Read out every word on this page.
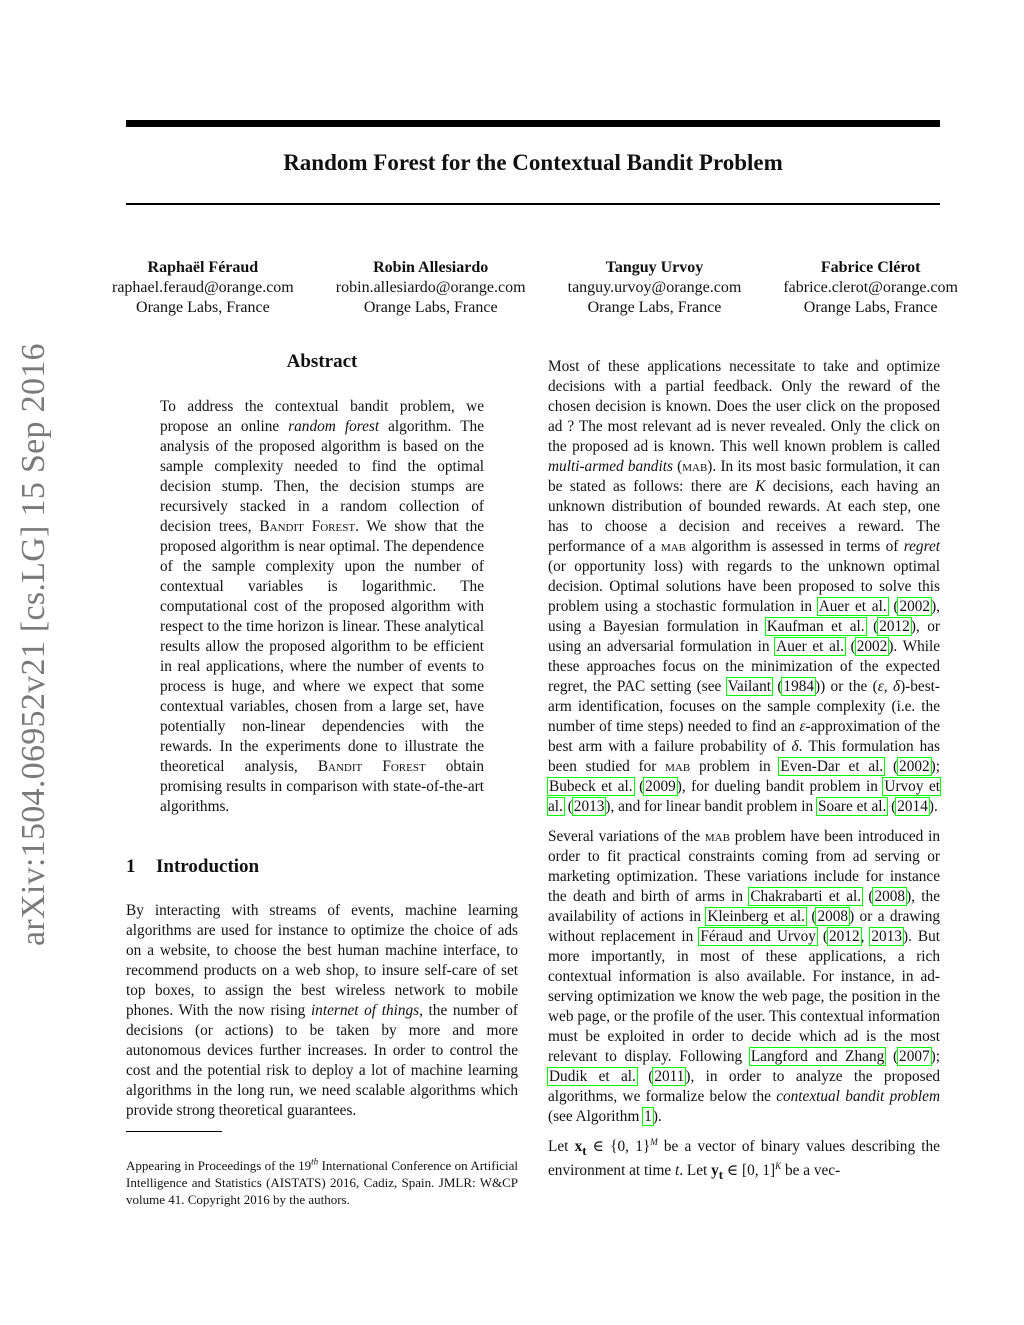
arXiv:1504.06952v21 [cs.LG] 15 Sep 2016
Random Forest for the Contextual Bandit Problem
Raphaël Féraud
raphael.feraud@orange.com
Orange Labs, France
Robin Allesiardo
robin.allesiardo@orange.com
Orange Labs, France
Tanguy Urvoy
tanguy.urvoy@orange.com
Orange Labs, France
Fabrice Clérot
fabrice.clerot@orange.com
Orange Labs, France
Abstract

To address the contextual bandit problem, we propose an online random forest algorithm. The analysis of the proposed algorithm is based on the sample complexity needed to find the optimal decision stump. Then, the decision stumps are recursively stacked in a random collection of decision trees, Bandit Forest. We show that the proposed algorithm is near optimal. The dependence of the sample complexity upon the number of contextual variables is logarithmic. The computational cost of the proposed algorithm with respect to the time horizon is linear. These analytical results allow the proposed algorithm to be efficient in real applications, where the number of events to process is huge, and where we expect that some contextual variables, chosen from a large set, have potentially non-linear dependencies with the rewards. In the experiments done to illustrate the theoretical analysis, Bandit Forest obtain promising results in comparison with state-of-the-art algorithms.

1 Introduction

By interacting with streams of events, machine learning algorithms are used for instance to optimize the choice of ads on a website, to choose the best human machine interface, to recommend products on a web shop, to insure self-care of set top boxes, to assign the best wireless network to mobile phones. With the now rising internet of things, the number of decisions (or actions) to be taken by more and more autonomous devices further increases. In order to control the cost and the potential risk to deploy a lot of machine learning algorithms in the long run, we need scalable algorithms which provide strong theoretical guarantees.

Appearing in Proceedings of the 19th International Conference on Artificial Intelligence and Statistics (AISTATS) 2016, Cadiz, Spain. JMLR: W&CP volume 41. Copyright 2016 by the authors.

Most of these applications necessitate to take and optimize decisions with a partial feedback. Only the reward of the chosen decision is known. Does the user click on the proposed ad ? The most relevant ad is never revealed. Only the click on the proposed ad is known. This well known problem is called multi-armed bandits (mab). In its most basic formulation, it can be stated as follows: there are K decisions, each having an unknown distribution of bounded rewards. At each step, one has to choose a decision and receives a reward. The performance of a mab algorithm is assessed in terms of regret (or opportunity loss) with regards to the unknown optimal decision. Optimal solutions have been proposed to solve this problem using a stochastic formulation in Auer et al. (2002), using a Bayesian formulation in Kaufman et al. (2012), or using an adversarial formulation in Auer et al. (2002). While these approaches focus on the minimization of the expected regret, the PAC setting (see Vailant (1984)) or the (ε, δ)-best-arm identification, focuses on the sample complexity (i.e. the number of time steps) needed to find an ε-approximation of the best arm with a failure probability of δ. This formulation has been studied for mab problem in Even-Dar et al. (2002); Bubeck et al. (2009), for dueling bandit problem in Urvoy et al. (2013), and for linear bandit problem in Soare et al. (2014).

Several variations of the mab problem have been introduced in order to fit practical constraints coming from ad serving or marketing optimization. These variations include for instance the death and birth of arms in Chakrabarti et al. (2008), the availability of actions in Kleinberg et al. (2008) or a drawing without replacement in Féraud and Urvoy (2012, 2013). But more importantly, in most of these applications, a rich contextual information is also available. For instance, in ad-serving optimization we know the web page, the position in the web page, or the profile of the user. This contextual information must be exploited in order to decide which ad is the most relevant to display. Following Langford and Zhang (2007); Dudik et al. (2011), in order to analyze the proposed algorithms, we formalize below the contextual bandit problem (see Algorithm 1).

Let $x_t$ ∈ {0, 1}$^M$ be a vector of binary values describing the environment at time t. Let $y_t$ ∈ [0, 1]$^K$ be a vec-
